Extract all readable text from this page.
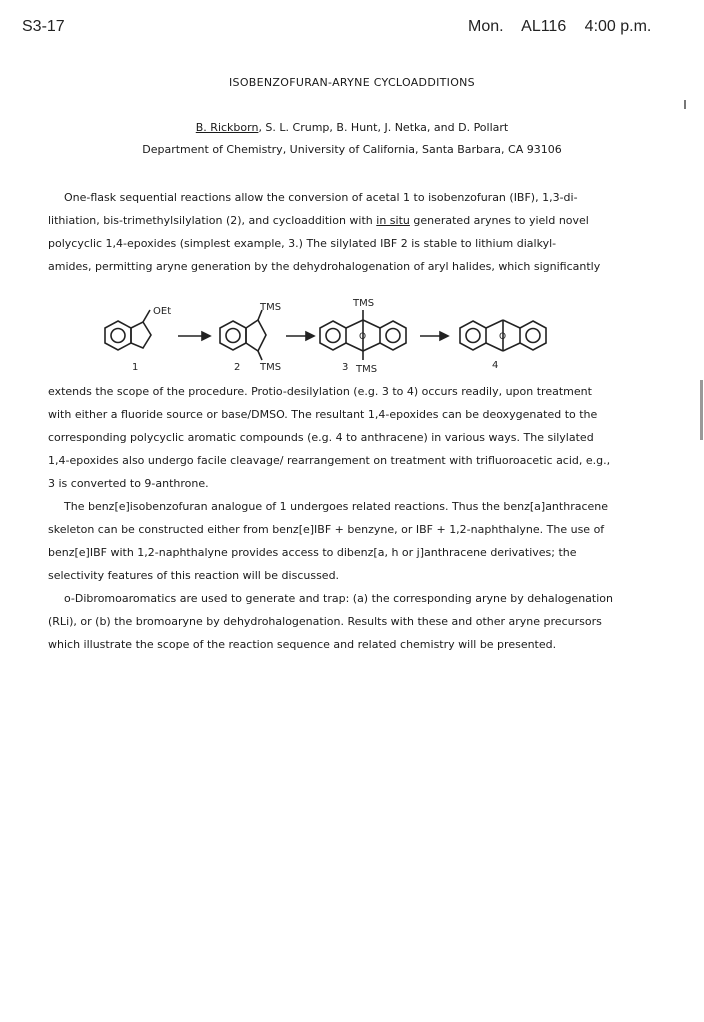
S3-17	Mon. AL116 4:00 p.m.
ISOBENZOFURAN-ARYNE CYCLOADDITIONS
B. Rickborn, S. L. Crump, B. Hunt, J. Netka, and D. Pollart
Department of Chemistry, University of California, Santa Barbara, CA 93106
One-flask sequential reactions allow the conversion of acetal 1 to isobenzofuran (IBF), 1,3-di-
lithiation, bis-trimethylsilylation (2), and cycloaddition with in situ generated arynes to yield novel
polycyclic 1,4-epoxides (simplest example, 3.) The silylated IBF 2 is stable to lithium dialkyl-
amides, permitting aryne generation by the dehydrohalogenation of aryl halides, which significantly
OEt
1
TMS
TMS
2
O
TMS
TMS
3
O
4
extends the scope of the procedure. Protio-desilylation (e.g. 3 to 4) occurs readily, upon treatment
with either a fluoride source or base/DMSO. The resultant 1,4-epoxides can be deoxygenated to the
corresponding polycyclic aromatic compounds (e.g. 4 to anthracene) in various ways. The silylated
1,4-epoxides also undergo facile cleavage/ rearrangement on treatment with trifluoroacetic acid, e.g.,
3 is converted to 9-anthrone.
The benz[e]isobenzofuran analogue of 1 undergoes related reactions. Thus the benz[a]anthracene
skeleton can be constructed either from benz[e]IBF + benzyne, or IBF + 1,2-naphthalyne. The use of
benz[e]IBF with 1,2-naphthalyne provides access to dibenz[a, h or j]anthracene derivatives; the
selectivity features of this reaction will be discussed.
o-Dibromoaromatics are used to generate and trap: (a) the corresponding aryne by dehalogenation
(RLi), or (b) the bromoaryne by dehydrohalogenation. Results with these and other aryne precursors
which illustrate the scope of the reaction sequence and related chemistry will be presented.
